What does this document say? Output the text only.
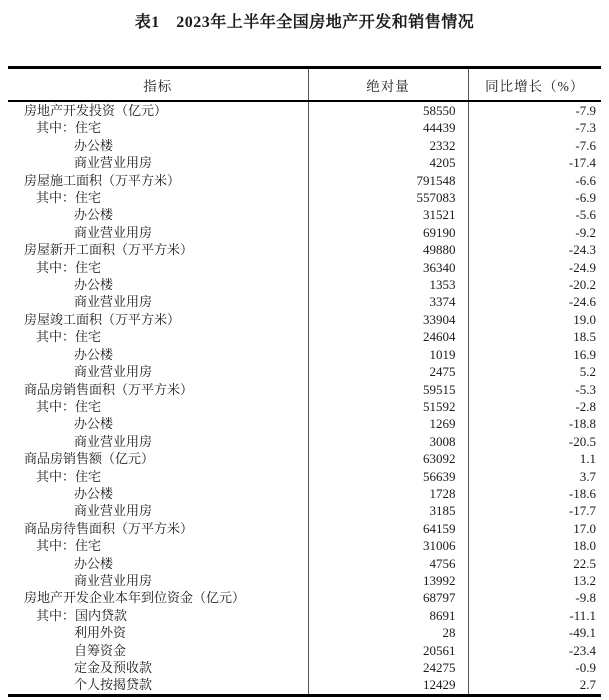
表1　2023年上半年全国房地产开发和销售情况
指标	绝对量	同比增长（%）
房地产开发投资（亿元）	58550	-7.9
其中：住宅	44439	-7.3
办公楼	2332	-7.6
商业营业用房	4205	-17.4
房屋施工面积（万平方米）	791548	-6.6
其中：住宅	557083	-6.9
办公楼	31521	-5.6
商业营业用房	69190	-9.2
房屋新开工面积（万平方米）	49880	-24.3
其中：住宅	36340	-24.9
办公楼	1353	-20.2
商业营业用房	3374	-24.6
房屋竣工面积（万平方米）	33904	19.0
其中：住宅	24604	18.5
办公楼	1019	16.9
商业营业用房	2475	5.2
商品房销售面积（万平方米）	59515	-5.3
其中：住宅	51592	-2.8
办公楼	1269	-18.8
商业营业用房	3008	-20.5
商品房销售额（亿元）	63092	1.1
其中：住宅	56639	3.7
办公楼	1728	-18.6
商业营业用房	3185	-17.7
商品房待售面积（万平方米）	64159	17.0
其中：住宅	31006	18.0
办公楼	4756	22.5
商业营业用房	13992	13.2
房地产开发企业本年到位资金（亿元）	68797	-9.8
其中：国内贷款	8691	-11.1
利用外资	28	-49.1
自筹资金	20561	-23.4
定金及预收款	24275	-0.9
个人按揭贷款	12429	2.7
